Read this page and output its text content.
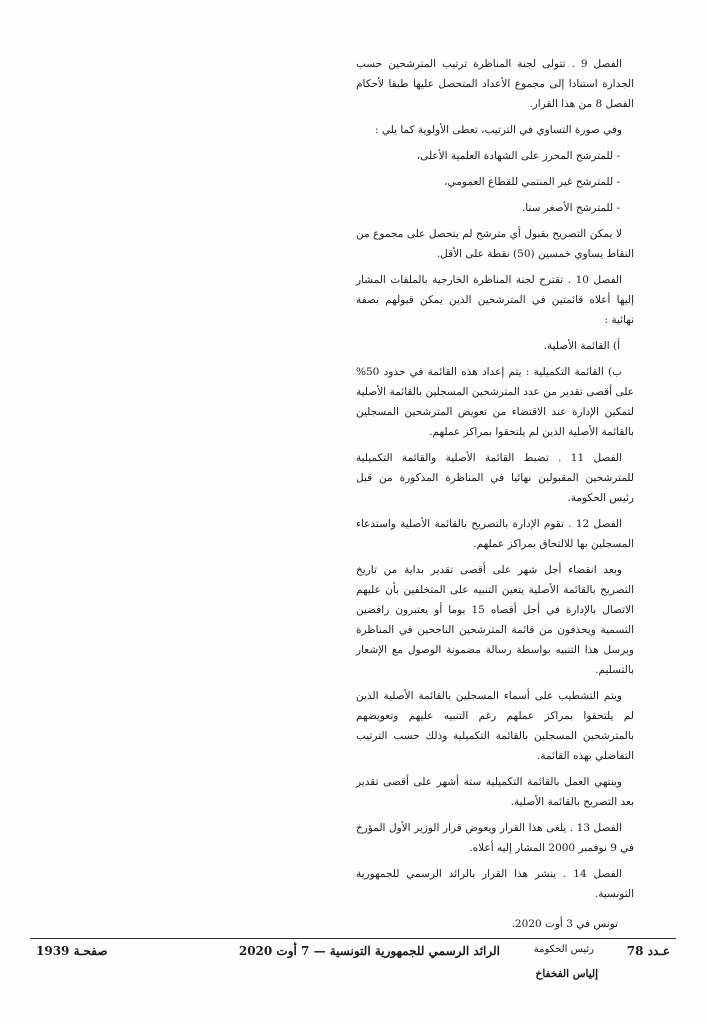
الفصل 9 . تتولى لجنة المناظرة ترتيب المترشحين حسب الجدارة استنادا إلى مجموع الأعداد المتحصل عليها طبقا لأحكام الفصل 8 من هذا القرار.

وفي صورة التساوي في الترتيب، تعطى الأولوية كما يلي :

- للمترشح المحرز على الشهادة العلمية الأعلى،

- للمترشح غير المنتمي للقطاع العمومي،

- للمترشح الأصغر سنا.

لا يمكن التصريح بقبول أي مترشح لم يتحصل على مجموع من النقاط يساوي خمسين (50) نقطة على الأقل.

الفصل 10 . تقترح لجنة المناظرة الخارجية بالملفات المشار إليها أعلاه قائمتين في المترشحين الذين يمكن قبولهم بصفة نهائية :

أ) القائمة الأصلية.

ب) القائمة التكميلية : يتم إعداد هذه القائمة في حدود 50% على أقصى تقدير من عدد المترشحين المسجلين بالقائمة الأصلية لتمكين الإدارة عند الاقتضاء من تعويض المترشحين المسجلين بالقائمة الأصلية الذين لم يلتحقوا بمراكز عملهم.

الفصل 11 . تضبط القائمة الأصلية والقائمة التكميلية للمترشحين المقبولين نهائيا في المناظرة المذكورة من قبل رئيس الحكومة.

الفصل 12 . تقوم الإدارة بالتصريح بالقائمة الأصلية واستدعاء المسجلين بها للالتحاق بمراكز عملهم.

وبعد انقضاء أجل شهر على أقصى تقدير بداية من تاريخ التصريح بالقائمة الأصلية يتعين التنبيه على المتخلفين بأن عليهم الاتصال بالإدارة في أجل أقصاه 15 يوما أو يعتبرون رافضين التسمية ويحذفون من قائمة المترشحين الناجحين في المناظرة ويرسل هذا التنبيه بواسطة رسالة مضمونة الوصول مع الإشعار بالتسليم.

ويتم التشطيب على أسماء المسجلين بالقائمة الأصلية الذين لم يلتحقوا بمراكز عملهم رغم التنبيه عليهم وتعويضهم بالمترشحين المسجلين بالقائمة التكميلية وذلك حسب الترتيب التفاضلي بهذه القائمة.

وينتهي العمل بالقائمة التكميلية ستة أشهر على أقصى تقدير بعد التصريح بالقائمة الأصلية.

الفصل 13 . يلغى هذا القرار ويعوض قرار الوزير الأول المؤرخ في 9 نوفمبر 2000 المشار إليه أعلاه.

الفصل 14 . ينشر هذا القرار بالرائد الرسمي للجمهورية التونسية.

تونس في 3 أوت 2020.

رئيس الحكومة

إلياس الفخفاخ

عـدد 78
الرائد الرسمي للجمهورية التونسية — 7 أوت 2020
صفحـة 1939
